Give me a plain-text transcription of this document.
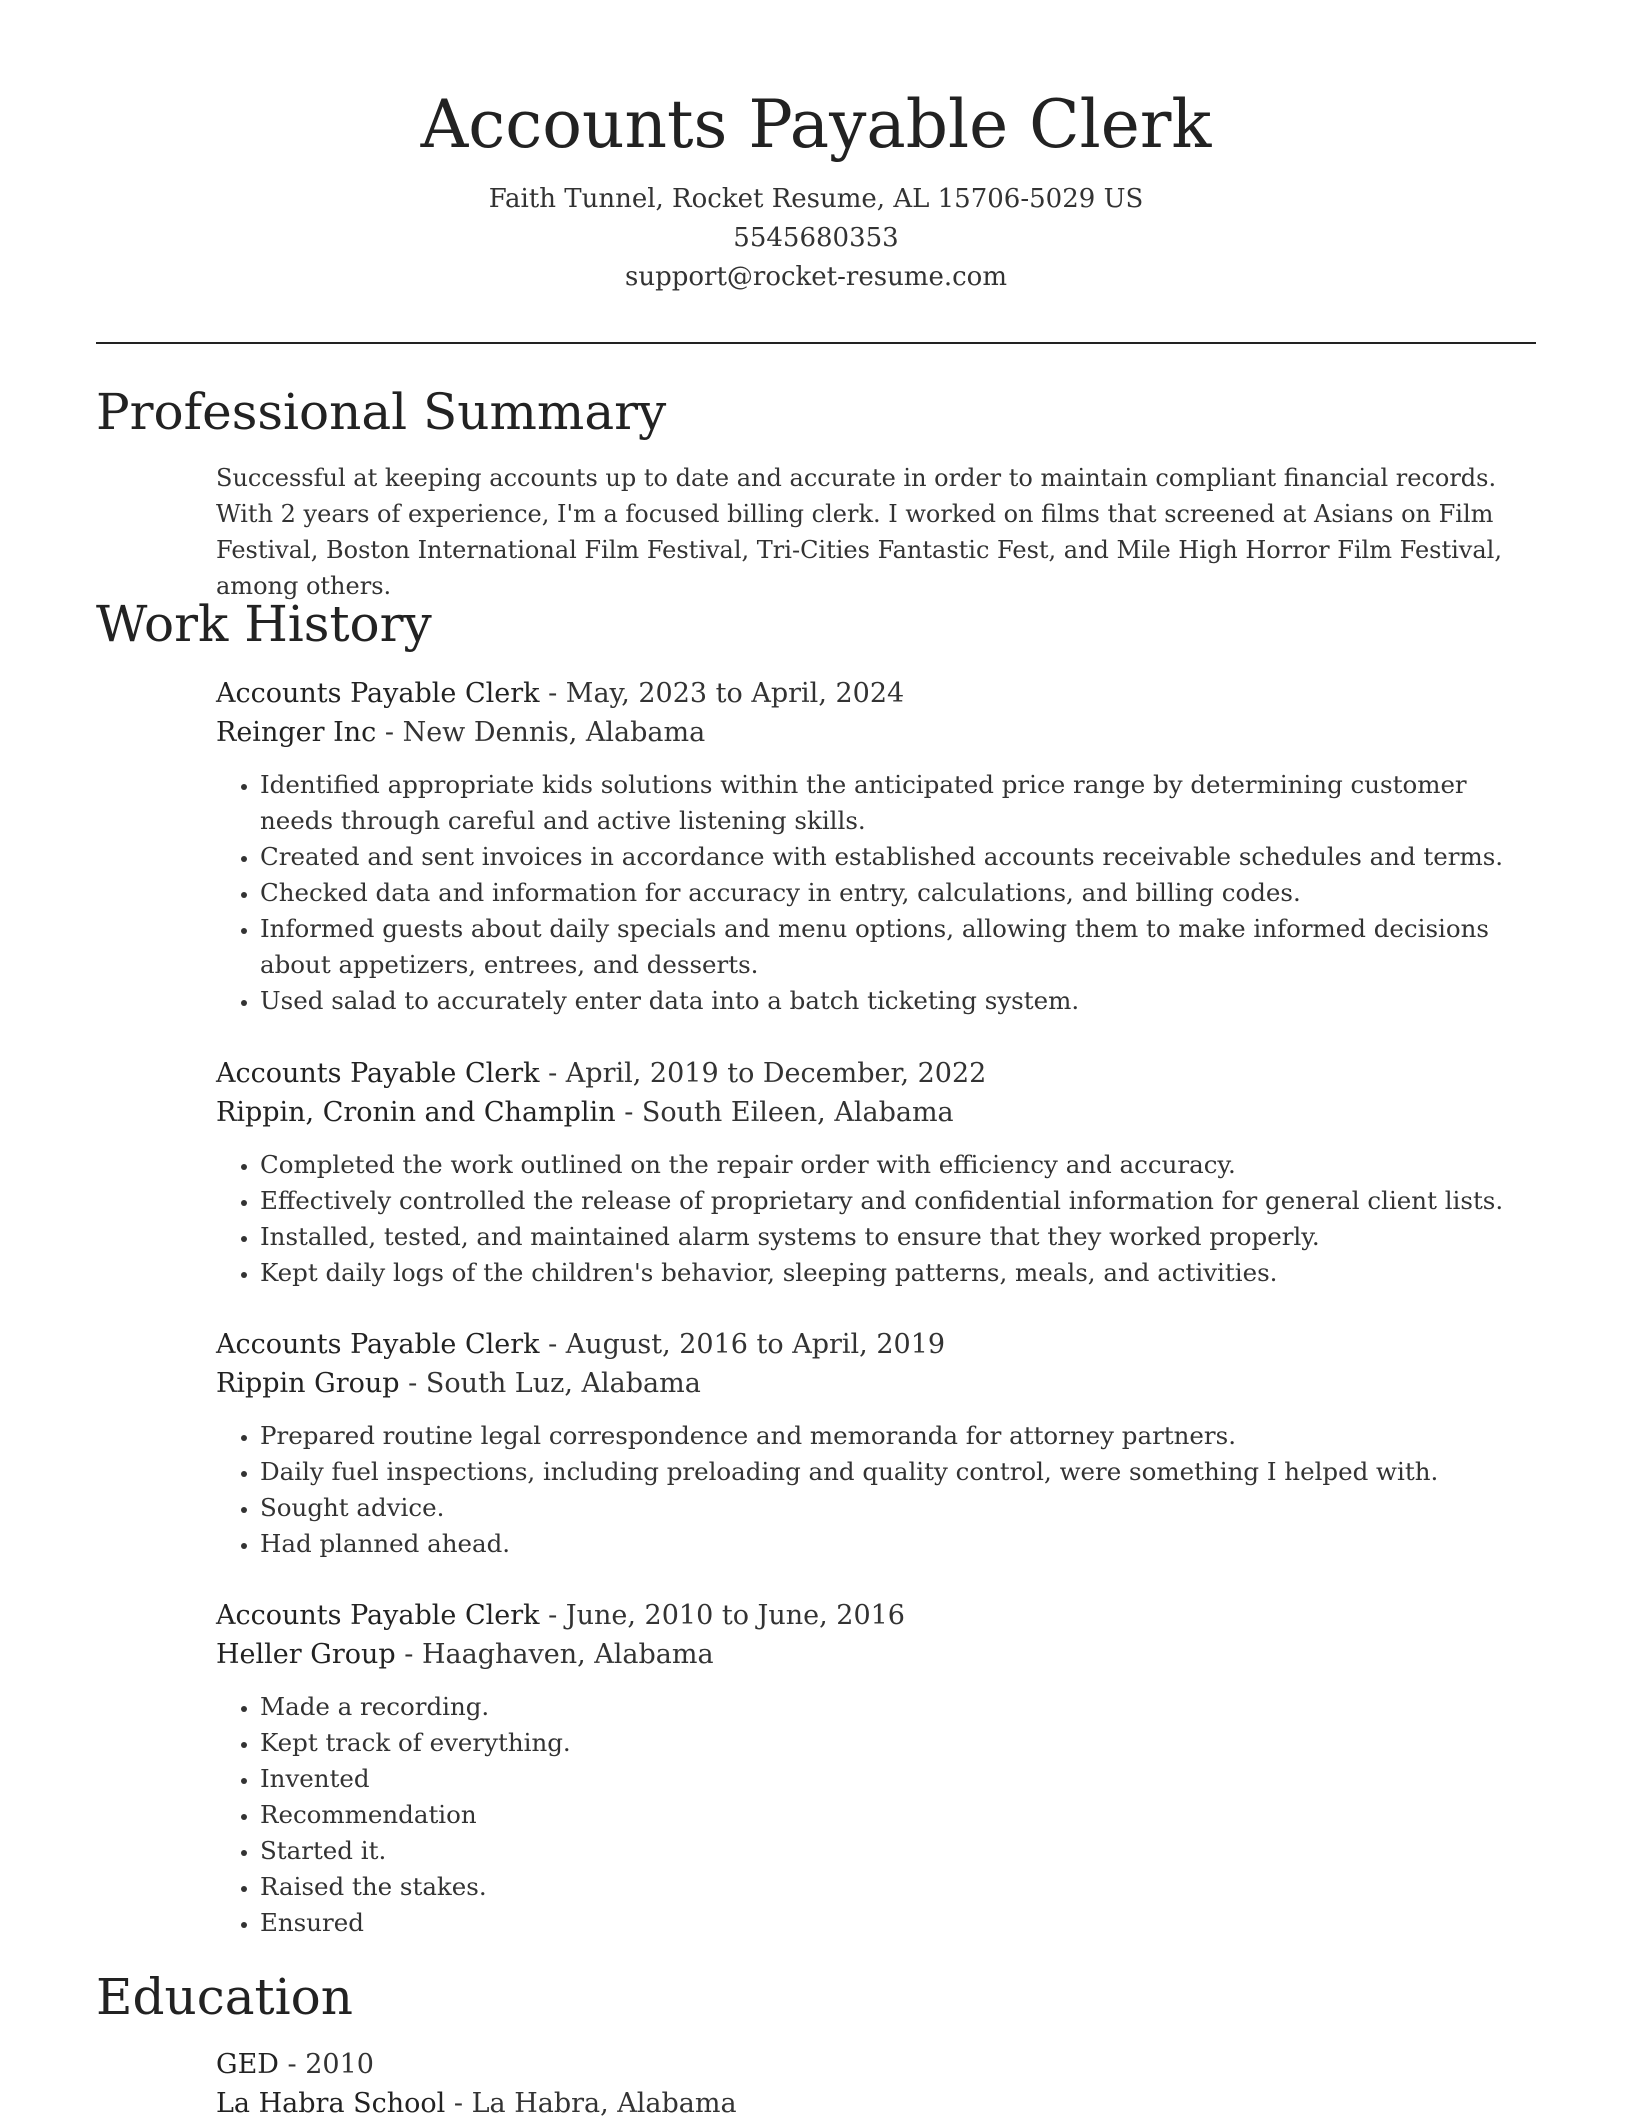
Accounts Payable Clerk
Faith Tunnel, Rocket Resume, AL 15706-5029 US
5545680353
support@rocket-resume.com
Professional Summary
Successful at keeping accounts up to date and accurate in order to maintain compliant financial records. With 2 years of experience, I'm a focused billing clerk. I worked on films that screened at Asians on Film Festival, Boston International Film Festival, Tri-Cities Fantastic Fest, and Mile High Horror Film Festival, among others.
Work History
Accounts Payable Clerk - May, 2023 to April, 2024
Reinger Inc - New Dennis, Alabama
• Identified appropriate kids solutions within the anticipated price range by determining customer needs through careful and active listening skills.
• Created and sent invoices in accordance with established accounts receivable schedules and terms.
• Checked data and information for accuracy in entry, calculations, and billing codes.
• Informed guests about daily specials and menu options, allowing them to make informed decisions about appetizers, entrees, and desserts.
• Used salad to accurately enter data into a batch ticketing system.
Accounts Payable Clerk - April, 2019 to December, 2022
Rippin, Cronin and Champlin - South Eileen, Alabama
• Completed the work outlined on the repair order with efficiency and accuracy.
• Effectively controlled the release of proprietary and confidential information for general client lists.
• Installed, tested, and maintained alarm systems to ensure that they worked properly.
• Kept daily logs of the children's behavior, sleeping patterns, meals, and activities.
Accounts Payable Clerk - August, 2016 to April, 2019
Rippin Group - South Luz, Alabama
• Prepared routine legal correspondence and memoranda for attorney partners.
• Daily fuel inspections, including preloading and quality control, were something I helped with.
• Sought advice.
• Had planned ahead.
Accounts Payable Clerk - June, 2010 to June, 2016
Heller Group - Haaghaven, Alabama
• Made a recording.
• Kept track of everything.
• Invented
• Recommendation
• Started it.
• Raised the stakes.
• Ensured
Education
GED - 2010
La Habra School - La Habra, Alabama
